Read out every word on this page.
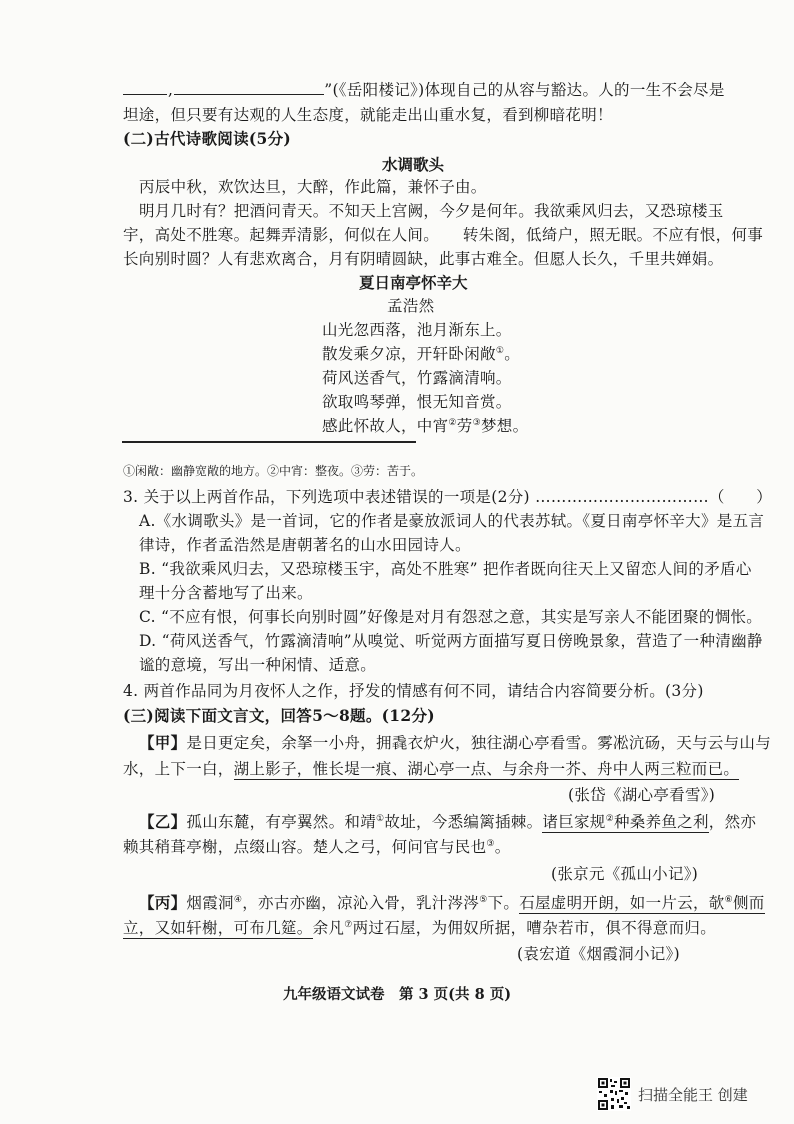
,	”(《岳阳楼记》)体现自己的从容与豁达。人的一生不会尽是
坦途，但只要有达观的人生态度，就能走出山重水复，看到柳暗花明！
(二)古代诗歌阅读(5分)
水调歌头
丙辰中秋，欢饮达旦，大醉，作此篇，兼怀子由。
明月几时有？把酒问青天。不知天上宫阙，今夕是何年。我欲乘风归去，又恐琼楼玉
宇，高处不胜寒。起舞弄清影，何似在人间。　　转朱阁，低绮户，照无眠。不应有恨，何事
长向别时圆？人有悲欢离合，月有阴晴圆缺，此事古难全。但愿人长久，千里共婵娟。
夏日南亭怀辛大
孟浩然
山光忽西落，池月渐东上。
散发乘夕凉，开轩卧闲敞①。
荷风送香气，竹露滴清响。
欲取鸣琴弹，恨无知音赏。
感此怀故人，中宵②劳③梦想。
①闲敞：幽静宽敞的地方。②中宵：整夜。③劳：苦于。
3. 关于以上两首作品，下列选项中表述错误的一项是(2分) ……………………………（　　）
A.《水调歌头》是一首词，它的作者是豪放派词人的代表苏轼。《夏日南亭怀辛大》是五言
律诗，作者孟浩然是唐朝著名的山水田园诗人。
B. “我欲乘风归去，又恐琼楼玉宇，高处不胜寒” 把作者既向往天上又留恋人间的矛盾心
理十分含蓄地写了出来。
C. “不应有恨，何事长向别时圆”好像是对月有怨怼之意，其实是写亲人不能团聚的惆怅。
D. “荷风送香气，竹露滴清响”从嗅觉、听觉两方面描写夏日傍晚景象，营造了一种清幽静
谧的意境，写出一种闲情、适意。
4. 两首作品同为月夜怀人之作，抒发的情感有何不同，请结合内容简要分析。(3分)
(三)阅读下面文言文，回答5～8题。(12分)
【甲】是日更定矣，余拏一小舟，拥毳衣炉火，独往湖心亭看雪。雾凇沆砀，天与云与山与
水，上下一白，湖上影子，惟长堤一痕、湖心亭一点、与余舟一芥、舟中人两三粒而已。
(张岱《湖心亭看雪》)
【乙】孤山东麓，有亭翼然。和靖①故址，今悉编篱插棘。诸巨家规②种桑养鱼之利，然亦
赖其稍葺亭榭，点缀山容。楚人之弓，何问官与民也③。
(张京元《孤山小记》)
【丙】烟霞洞④，亦古亦幽，凉沁入骨，乳汁涔涔⑤下。石屋虚明开朗，如一片云，欹⑥侧而
立，又如轩榭，可布几筵。余凡⑦两过石屋，为佣奴所据，嘈杂若市，俱不得意而归。
(袁宏道《烟霞洞小记》)
九年级语文试卷　第 3 页(共 8 页)
扫描全能王 创建
